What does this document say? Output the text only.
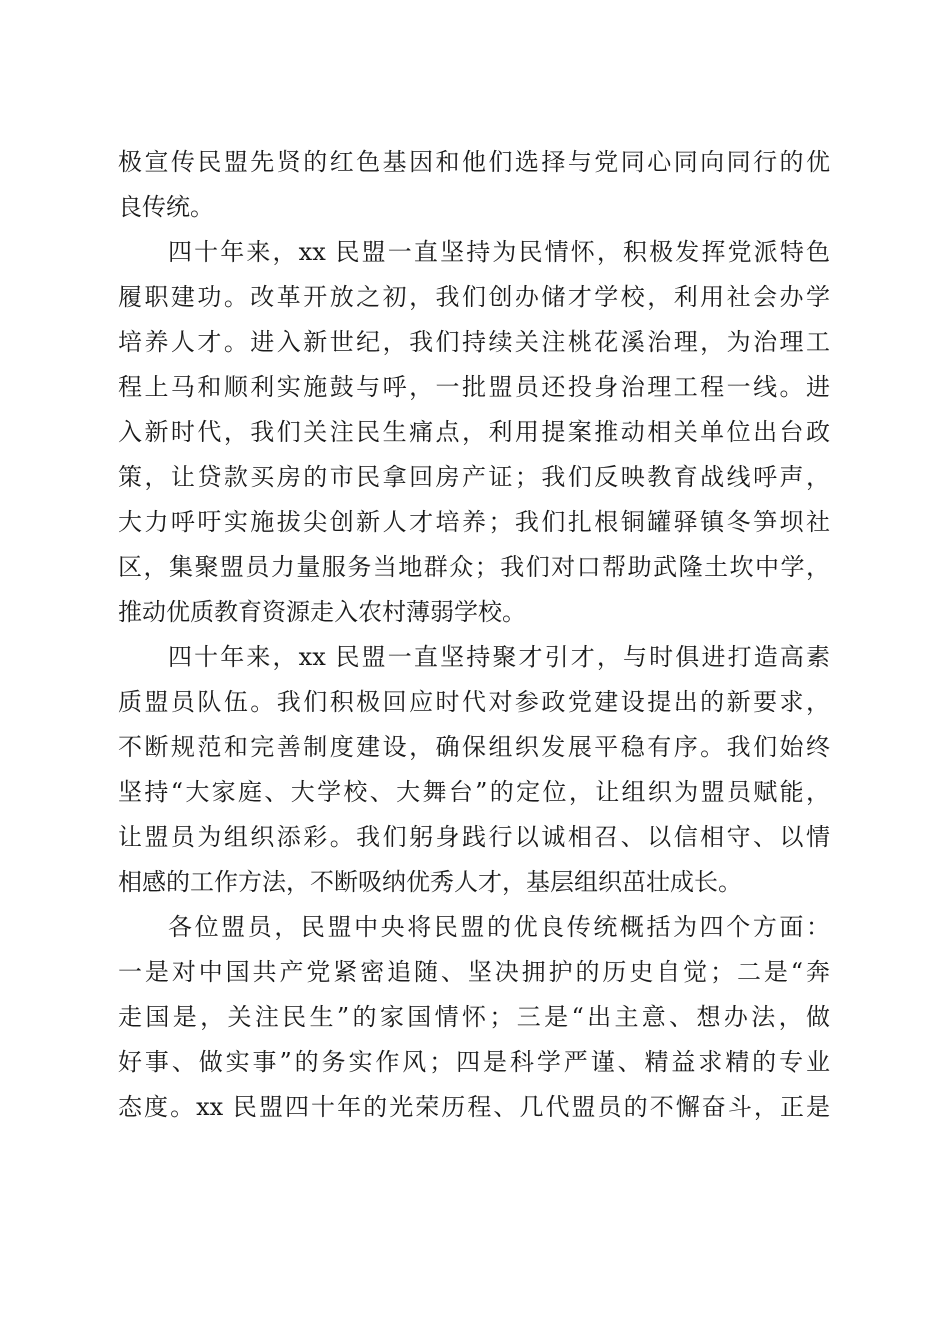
极宣传民盟先贤的红色基因和他们选择与党同心同向同行的优
良传统。
四十年来，xx 民盟一直坚持为民情怀，积极发挥党派特色
履职建功。改革开放之初，我们创办储才学校，利用社会办学
培养人才。进入新世纪，我们持续关注桃花溪治理，为治理工
程上马和顺利实施鼓与呼，一批盟员还投身治理工程一线。进
入新时代，我们关注民生痛点，利用提案推动相关单位出台政
策，让贷款买房的市民拿回房产证；我们反映教育战线呼声，
大力呼吁实施拔尖创新人才培养；我们扎根铜罐驿镇冬笋坝社
区，集聚盟员力量服务当地群众；我们对口帮助武隆土坎中学，
推动优质教育资源走入农村薄弱学校。
四十年来，xx 民盟一直坚持聚才引才，与时俱进打造高素
质盟员队伍。我们积极回应时代对参政党建设提出的新要求，
不断规范和完善制度建设，确保组织发展平稳有序。我们始终
坚持“大家庭、大学校、大舞台”的定位，让组织为盟员赋能，
让盟员为组织添彩。我们躬身践行以诚相召、以信相守、以情
相感的工作方法，不断吸纳优秀人才，基层组织茁壮成长。
各位盟员，民盟中央将民盟的优良传统概括为四个方面：
一是对中国共产党紧密追随、坚决拥护的历史自觉；二是“奔
走国是，关注民生”的家国情怀；三是“出主意、想办法，做
好事、做实事”的务实作风；四是科学严谨、精益求精的专业
态度。xx 民盟四十年的光荣历程、几代盟员的不懈奋斗，正是
